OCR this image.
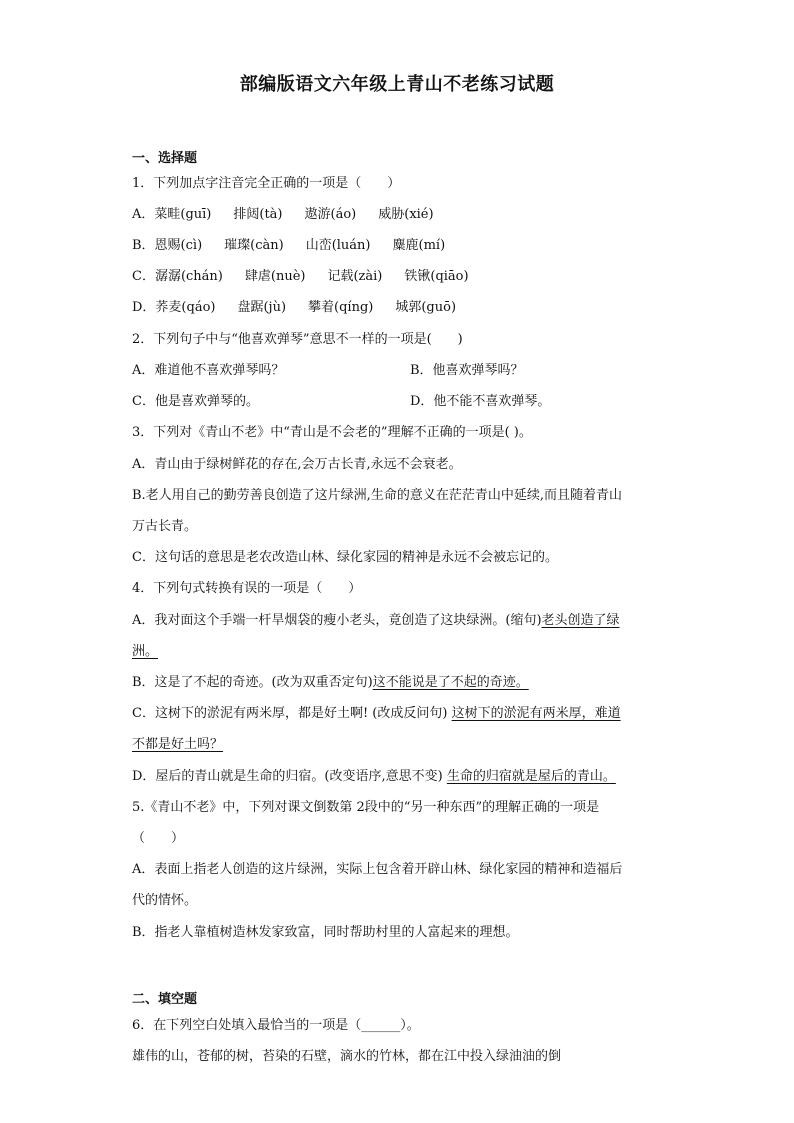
部编版语文六年级上青山不老练习试题
一、选择题
1．下列加点字注音完全正确的一项是（　　）
A．菜畦(guī) 排闼(tà) 遨游(áo) 威胁(xié)
B．恩赐(cì) 璀璨(càn) 山峦(luán) 麋鹿(mí)
C．潺潺(chán) 肆虐(nuè) 记载(zài) 铁锹(qiāo)
D．荞麦(qáo) 盘踞(jù) 攀着(qíng) 城郭(guō)
2．下列句子中与“他喜欢弹琴”意思不一样的一项是(　　)
A．难道他不喜欢弹琴吗？	B．他喜欢弹琴吗？
C．他是喜欢弹琴的。	D．他不能不喜欢弹琴。
3．下列对《青山不老》中“青山是不会老的”理解不正确的一项是( )。
A．青山由于绿树鲜花的存在,会万古长青,永远不会衰老。
B.老人用自己的勤劳善良创造了这片绿洲,生命的意义在茫茫青山中延续,而且随着青山
万古长青。
C．这句话的意思是老农改造山林、绿化家园的精神是永远不会被忘记的。
4．下列句式转换有误的一项是（　　）
A．我对面这个手端一杆旱烟袋的瘦小老头，竟创造了这块绿洲。(缩句)老头创造了绿
洲。
B．这是了不起的奇迹。(改为双重否定句)这不能说是了不起的奇迹。
C．这树下的淤泥有两米厚，都是好土啊! (改成反问句) 这树下的淤泥有两米厚，难道
不都是好土吗？
D．屋后的青山就是生命的归宿。(改变语序,意思不变) 生命的归宿就是屋后的青山。
5.《青山不老》中，下列对课文倒数第 2段中的“另一种东西”的理解正确的一项是
（　　）
A．表面上指老人创造的这片绿洲，实际上包含着开辟山林、绿化家园的精神和造福后
代的情怀。
B．指老人靠植树造林发家致富，同时帮助村里的人富起来的理想。
二、填空题
6．在下列空白处填入最恰当的一项是（______）。
雄伟的山，苍郁的树，苔染的石壁，滴水的竹林，都在江中投入绿油油的倒
